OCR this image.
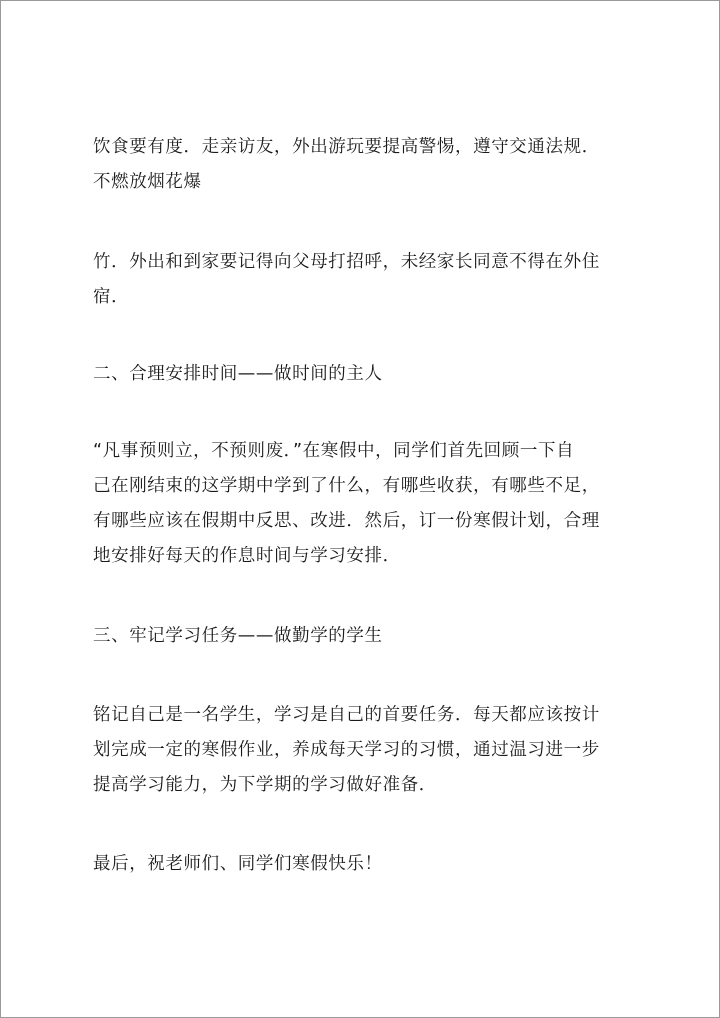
饮食要有度．走亲访友，外出游玩要提高警惕，遵守交通法规．
不燃放烟花爆

竹．外出和到家要记得向父母打招呼，未经家长同意不得在外住
宿．

二、合理安排时间——做时间的主人

“凡事预则立，不预则废．”在寒假中，同学们首先回顾一下自
己在刚结束的这学期中学到了什么，有哪些收获，有哪些不足，
有哪些应该在假期中反思、改进．然后，订一份寒假计划，合理
地安排好每天的作息时间与学习安排．

三、牢记学习任务——做勤学的学生

铭记自己是一名学生，学习是自己的首要任务．每天都应该按计
划完成一定的寒假作业，养成每天学习的习惯，通过温习进一步
提高学习能力，为下学期的学习做好准备．

最后，祝老师们、同学们寒假快乐！
